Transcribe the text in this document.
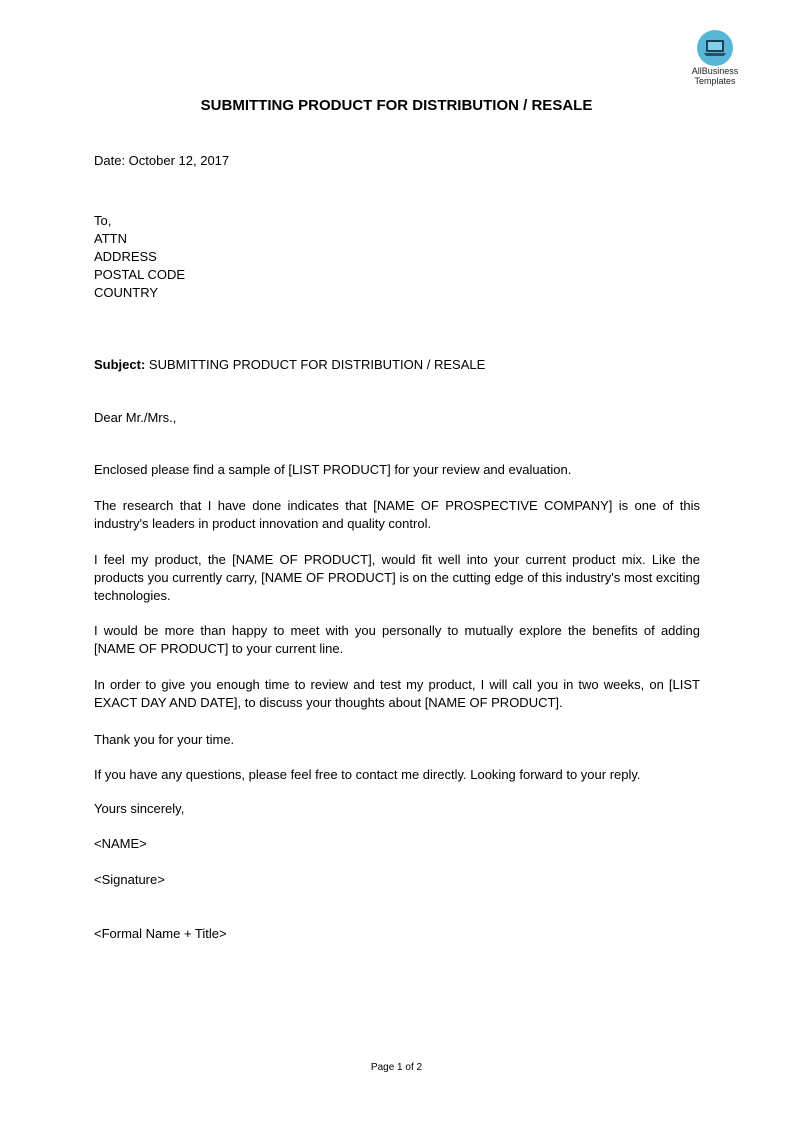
AllBusiness
Templates
SUBMITTING PRODUCT FOR DISTRIBUTION / RESALE
Date: October 12, 2017
To,
ATTN
ADDRESS
POSTAL CODE
COUNTRY
Subject: SUBMITTING PRODUCT FOR DISTRIBUTION / RESALE
Dear Mr./Mrs.,
Enclosed please find a sample of [LIST PRODUCT] for your review and evaluation.
The research that I have done indicates that [NAME OF PROSPECTIVE COMPANY] is one of this industry's leaders in product innovation and quality control.
I feel my product, the [NAME OF PRODUCT], would fit well into your current product mix. Like the products you currently carry, [NAME OF PRODUCT] is on the cutting edge of this industry's most exciting technologies.
I would be more than happy to meet with you personally to mutually explore the benefits of adding [NAME OF PRODUCT] to your current line.
In order to give you enough time to review and test my product, I will call you in two weeks, on [LIST EXACT DAY AND DATE], to discuss your thoughts about [NAME OF PRODUCT].
Thank you for your time.
If you have any questions, please feel free to contact me directly. Looking forward to your reply.
Yours sincerely,
<NAME>
<Signature>
<Formal Name + Title>
Page 1 of 2
